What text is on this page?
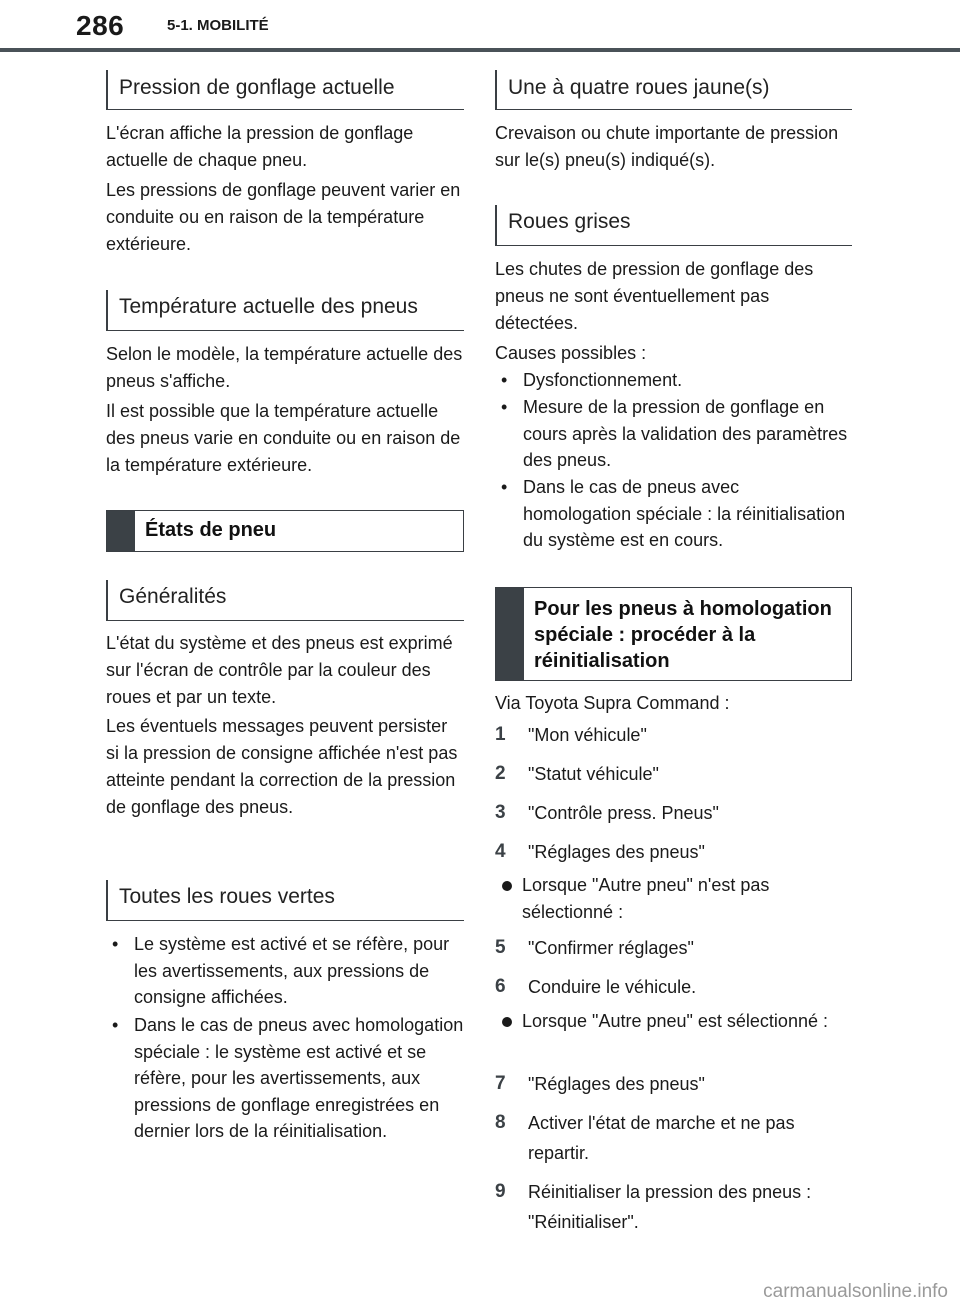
286	5-1. MOBILITÉ
Pression de gonflage actuelle

L'écran affiche la pression de gonflage actuelle de chaque pneu.

Les pressions de gonflage peuvent varier en conduite ou en raison de la température extérieure.

Température actuelle des pneus

Selon le modèle, la température actuelle des pneus s'affiche.

Il est possible que la température actuelle des pneus varie en conduite ou en raison de la température extérieure.

États de pneu
Généralités

L'état du système et des pneus est exprimé sur l'écran de contrôle par la couleur des roues et par un texte.

Les éventuels messages peuvent persister si la pression de consigne affichée n'est pas atteinte pendant la correction de la pression de gonflage des pneus.

Toutes les roues vertes
• Le système est activé et se réfère, pour les avertissements, aux pressions de consigne affichées.
• Dans le cas de pneus avec homologation spéciale : le système est activé et se réfère, pour les avertissements, aux pressions de gonflage enregistrées en dernier lors de la réinitialisation.
Une à quatre roues jaune(s)

Crevaison ou chute importante de pression sur le(s) pneu(s) indiqué(s).

Roues grises

Les chutes de pression de gonflage des pneus ne sont éventuellement pas détectées.

Causes possibles :

• Dysfonctionnement.
• Mesure de la pression de gonflage en cours après la validation des paramètres des pneus.
• Dans le cas de pneus avec homologation spéciale : la réinitialisation du système est en cours.
Pour les pneus à homologation spéciale : procéder à la réinitialisation

Via Toyota Supra Command :

1 "Mon véhicule"
2 "Statut véhicule"
3 "Contrôle press. Pneus"
4 "Réglages des pneus"
Lorsque "Autre pneu" n'est pas sélectionné :
5 "Confirmer réglages"
6 Conduire le véhicule.
Lorsque "Autre pneu" est sélectionné :
7 "Réglages des pneus"
8 Activer l'état de marche et ne pas repartir.
9 Réinitialiser la pression des pneus : "Réinitialiser".
carmanualsonline.info
